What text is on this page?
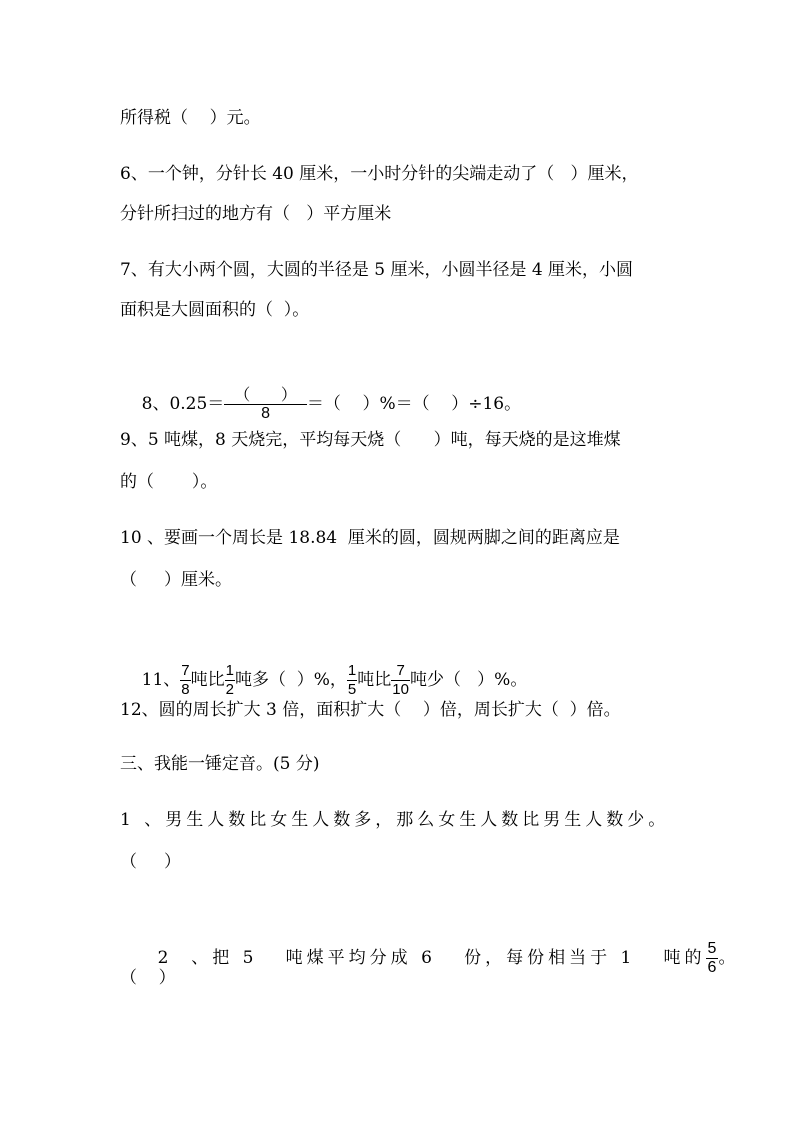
所得税（    ）元。
6、一个钟，分针长 40 厘米，一小时分针的尖端走动了（   ）厘米，
分针所扫过的地方有（   ）平方厘米
7、有大小两个圆，大圆的半径是 5 厘米，小圆半径是 4 厘米，小圆
面积是大圆面积的（  ）。

8、$0.25= \frac{( )}{8}$ ＝（    ）%＝（    ）÷16。

9、5 吨煤，8 天烧完，平均每天烧（      ）吨，每天烧的是这堆煤
的（       ）。
10 、要画一个周长是 18.84  厘米的圆，圆规两脚之间的距离应是
（     ）厘米。

11、 $\frac{7}{8}$ 吨比 $\frac{1}{2}$ 吨多（  ）%， $\frac{1}{5}$ 吨比 $\frac{7}{10}$ 吨少（   ）%。

12、圆的周长扩大 3 倍，面积扩大（    ）倍，周长扩大（  ）倍。
三、我能一锤定音。(5 分)
1 、男生人数比女生人数多，那么女生人数比男生人数少。
（     ）

2  、把 5   吨煤平均分成 6   份，每份相当于 1   吨的 $\frac{5}{6}$ 。

（    ）
